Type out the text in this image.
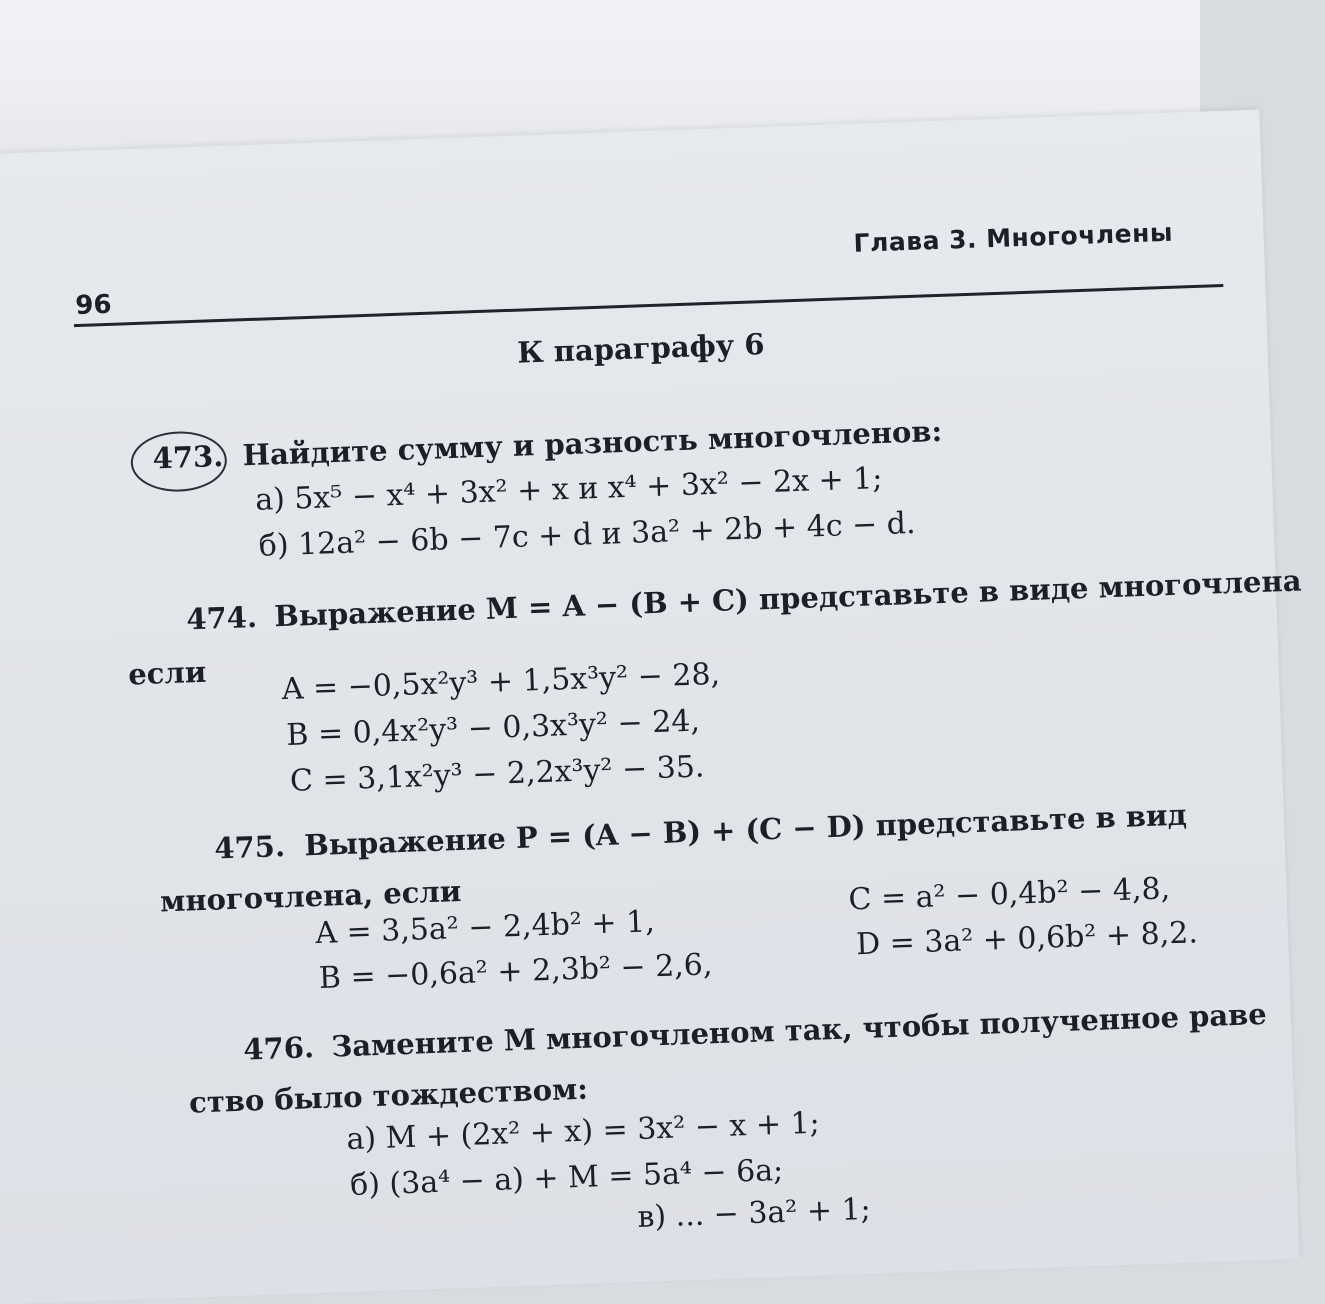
96
Глава 3. Многочлены
К параграфу 6
473. Найдите сумму и разность многочленов:
а) 5x⁵ − x⁴ + 3x² + x и x⁴ + 3x² − 2x + 1;
б) 12a² − 6b − 7c + d и 3a² + 2b + 4c − d.
474. Выражение M = A − (B + C) представьте в виде многочлена
если A = −0,5x²y³ + 1,5x³y² − 28,
B = 0,4x²y³ − 0,3x³y² − 24,
C = 3,1x²y³ − 2,2x³y² − 35.
475. Выражение P = (A − B) + (C − D) представьте в вид
многочлена, если
A = 3,5a² − 2,4b² + 1,
B = −0,6a² + 2,3b² − 2,6,
C = a² − 0,4b² − 4,8,
D = 3a² + 0,6b² + 8,2.
476. Замените M многочленом так, чтобы полученное раве
ство было тождеством:
а) M + (2x² + x) = 3x² − x + 1;
б) (3a⁴ − a) + M = 5a⁴ − 6a;
в) ... − 3a² + 1;
